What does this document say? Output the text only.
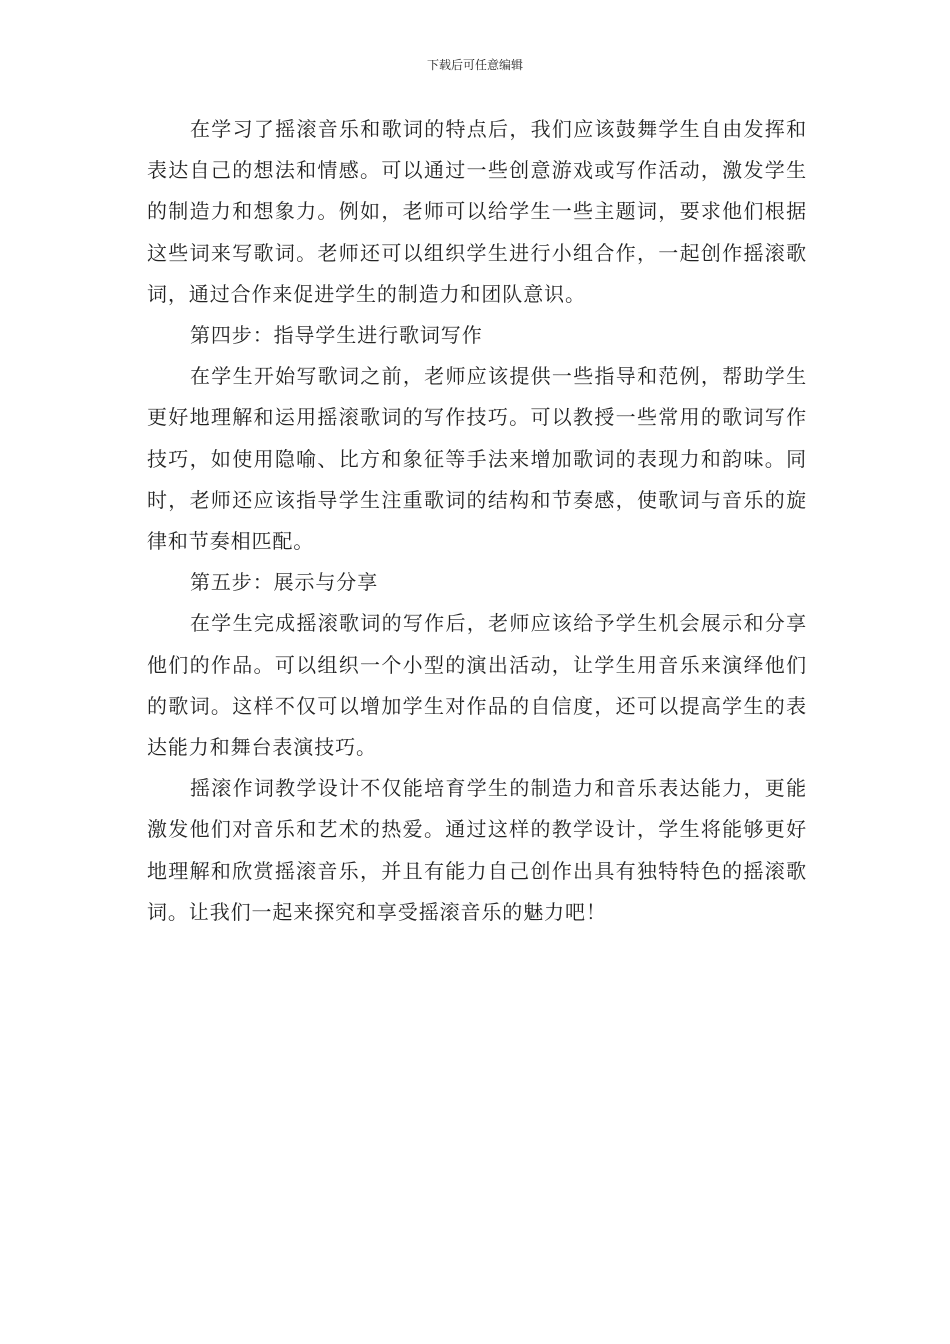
下载后可任意编辑

在学习了摇滚音乐和歌词的特点后，我们应该鼓舞学生自由发挥和表达自己的想法和情感。可以通过一些创意游戏或写作活动，激发学生的制造力和想象力。例如，老师可以给学生一些主题词，要求他们根据这些词来写歌词。老师还可以组织学生进行小组合作，一起创作摇滚歌词，通过合作来促进学生的制造力和团队意识。

第四步：指导学生进行歌词写作

在学生开始写歌词之前，老师应该提供一些指导和范例，帮助学生更好地理解和运用摇滚歌词的写作技巧。可以教授一些常用的歌词写作技巧，如使用隐喻、比方和象征等手法来增加歌词的表现力和韵味。同时，老师还应该指导学生注重歌词的结构和节奏感，使歌词与音乐的旋律和节奏相匹配。

第五步：展示与分享

在学生完成摇滚歌词的写作后，老师应该给予学生机会展示和分享他们的作品。可以组织一个小型的演出活动，让学生用音乐来演绎他们的歌词。这样不仅可以增加学生对作品的自信度，还可以提高学生的表达能力和舞台表演技巧。

摇滚作词教学设计不仅能培育学生的制造力和音乐表达能力，更能激发他们对音乐和艺术的热爱。通过这样的教学设计，学生将能够更好地理解和欣赏摇滚音乐，并且有能力自己创作出具有独特特色的摇滚歌词。让我们一起来探究和享受摇滚音乐的魅力吧！
